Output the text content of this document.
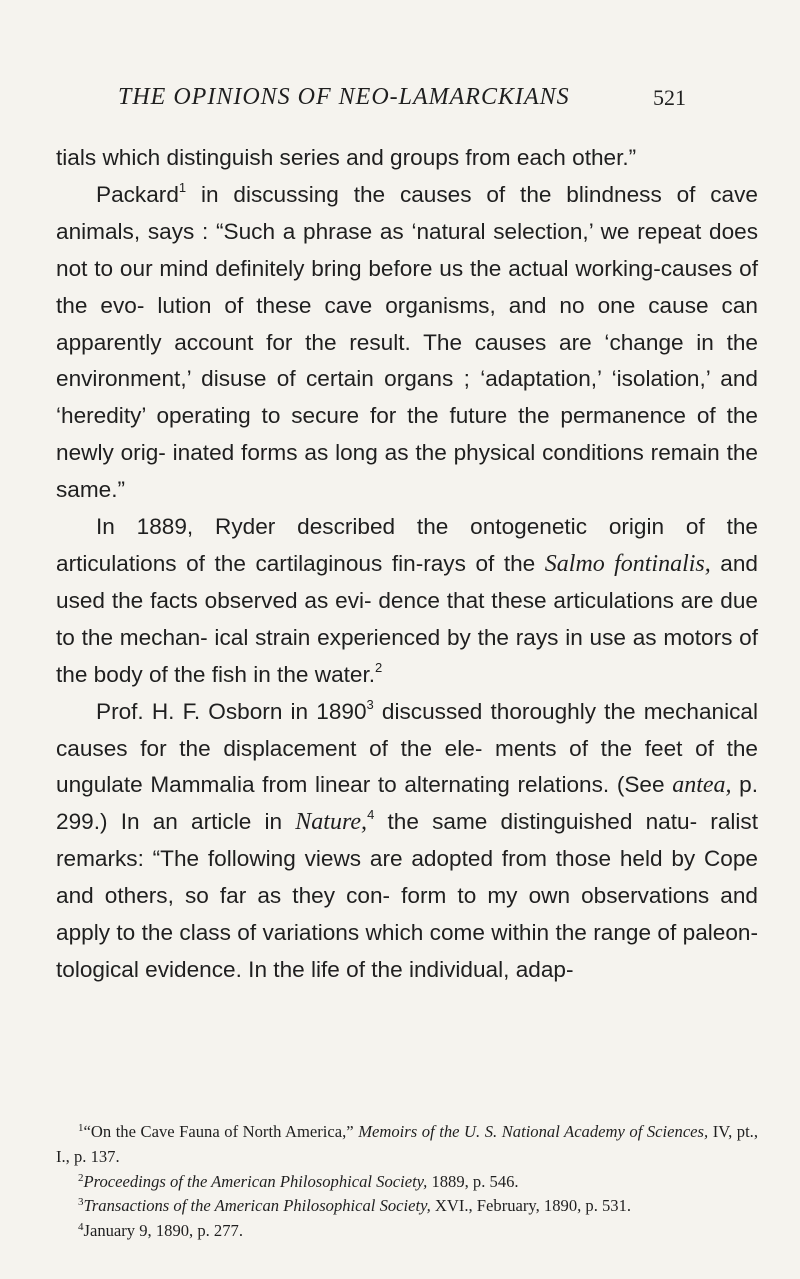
THE OPINIONS OF NEO-LAMARCKIANS	521

tials which distinguish series and groups from each other.”

Packard$^1$ in discussing the causes of the blindness of cave animals, says : “Such a phrase as ‘natural selection,’ we repeat does not to our mind definitely bring before us the actual working-causes of the evo- lution of these cave organisms, and no one cause can apparently account for the result. The causes are ‘change in the environment,’ disuse of certain organs ; ‘adaptation,’ ‘isolation,’ and ‘heredity’ operating to secure for the future the permanence of the newly orig- inated forms as long as the physical conditions remain the same.”

In 1889, Ryder described the ontogenetic origin of the articulations of the cartilaginous fin-rays of the Salmo fontinalis, and used the facts observed as evi- dence that these articulations are due to the mechan- ical strain experienced by the rays in use as motors of the body of the fish in the water.$^2$

Prof. H. F. Osborn in 1890$^3$ discussed thoroughly the mechanical causes for the displacement of the ele- ments of the feet of the ungulate Mammalia from linear to alternating relations. (See antea, p. 299.) In an article in Nature,$^4$ the same distinguished natu- ralist remarks: “The following views are adopted from those held by Cope and others, so far as they con- form to my own observations and apply to the class of variations which come within the range of paleon- tological evidence. In the life of the individual, adap-

$^1$“On the Cave Fauna of North America,” Memoirs of the U. S. National Academy of Sciences, IV, pt., I., p. 137.

$^2$Proceedings of the American Philosophical Society, 1889, p. 546.

$^3$Transactions of the American Philosophical Society, XVI., February, 1890, p. 531.

$^4$January 9, 1890, p. 277.
